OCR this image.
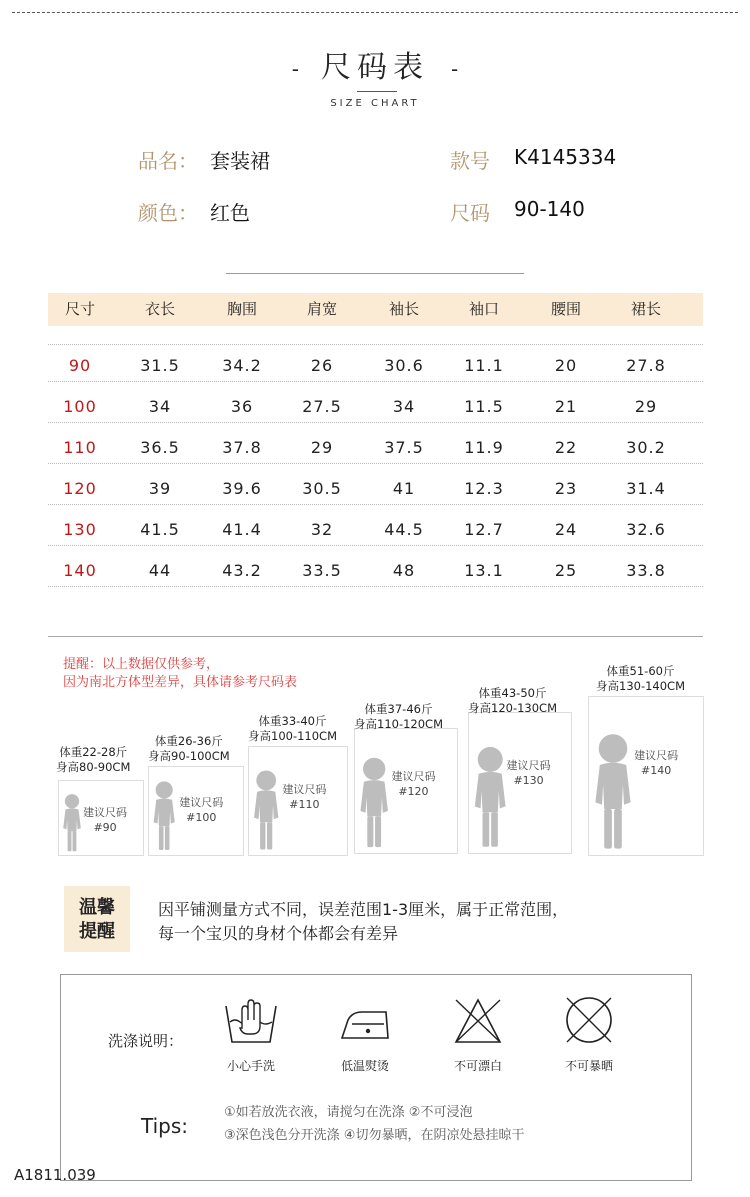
- 尺码表 -
SIZE CHART
品名： 套装裙	款号 K4145334
颜色： 红色	尺码 90-140
尺寸	衣长	胸围	肩宽	袖长	袖口	腰围	裙长
90	31.5	34.2	26	30.6	11.1	20	27.8
100	34	36	27.5	34	11.5	21	29
110	36.5	37.8	29	37.5	11.9	22	30.2
120	39	39.6	30.5	41	12.3	23	31.4
130	41.5	41.4	32	44.5	12.7	24	32.6
140	44	43.2	33.5	48	13.1	25	33.8
提醒：以上数据仅供参考，
因为南北方体型差异，具体请参考尺码表
建议尺码
#90
体重22-28斤
身高80-90CM
建议尺码
#100
体重26-36斤
身高90-100CM
建议尺码
#110
体重33-40斤
身高100-110CM
建议尺码
#120
体重37-46斤
身高110-120CM
建议尺码
#130
体重43-50斤
身高120-130CM
建议尺码
#140
体重51-60斤
身高130-140CM
温馨
提醒
因平铺测量方式不同，误差范围1-3厘米，属于正常范围，
每一个宝贝的身材个体都会有差异
洗涤说明：
小心手洗	低温熨烫	不可漂白	不可暴晒
Tips:
①如若放洗衣液，请搅匀在洗涤 ②不可浸泡
③深色浅色分开洗涤 ④切勿暴晒，在阴凉处悬挂晾干
A1811.039
